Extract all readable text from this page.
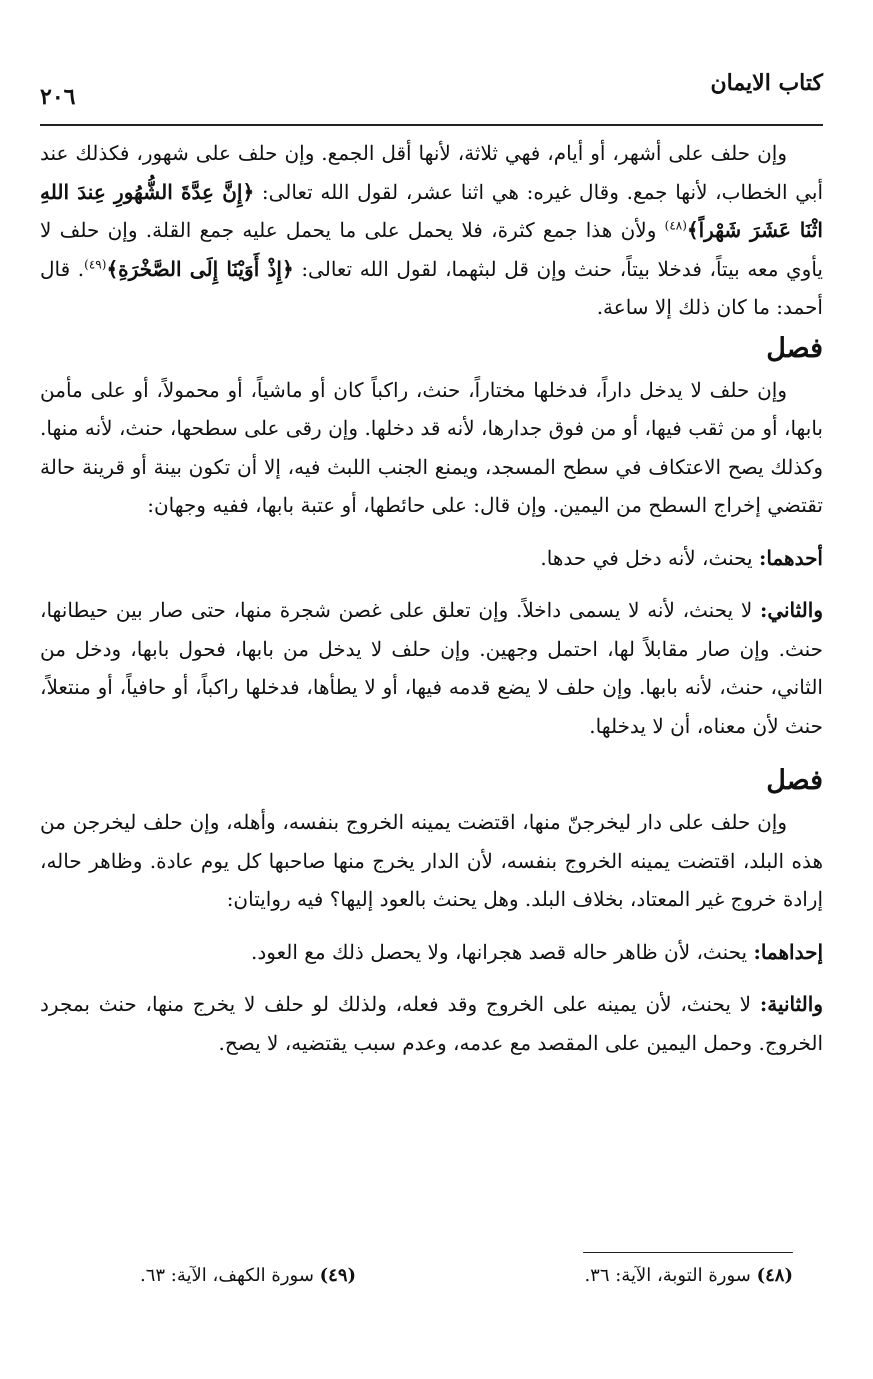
كتاب الايمان
٢٠٦

وإن حلف على أشهر، أو أيام، فهي ثلاثة، لأنها أقل الجمع. وإن حلف على شهور، فكذلك عند أبي الخطاب، لأنها جمع. وقال غيره: هي اثنا عشر، لقول الله تعالى: ﴿إِنَّ عِدَّةَ الشُّهُورِ عِندَ اللهِ اثْنَا عَشَرَ شَهْراً﴾$^{(٤٨)}$ ولأن هذا جمع كثرة، فلا يحمل على ما يحمل عليه جمع القلة. وإن حلف لا يأوي معه بيتاً، فدخلا بيتاً، حنث وإن قل لبثهما، لقول الله تعالى: ﴿إِذْ أَوَيْنَا إِلَى الصَّخْرَةِ﴾$^{(٤٩)}$. قال أحمد: ما كان ذلك إلا ساعة.

فصل

وإن حلف لا يدخل داراً، فدخلها مختاراً، حنث، راكباً كان أو ماشياً، أو محمولاً، أو على مأمن بابها، أو من ثقب فيها، أو من فوق جدارها، لأنه قد دخلها. وإن رقى على سطحها، حنث، لأنه منها. وكذلك يصح الاعتكاف في سطح المسجد، ويمنع الجنب اللبث فيه، إلا أن تكون بينة أو قرينة حالة تقتضي إخراج السطح من اليمين. وإن قال: على حائطها، أو عتبة بابها، ففيه وجهان:

أحدهما: يحنث، لأنه دخل في حدها.

والثاني: لا يحنث، لأنه لا يسمى داخلاً. وإن تعلق على غصن شجرة منها، حتى صار بين حيطانها، حنث. وإن صار مقابلاً لها، احتمل وجهين. وإن حلف لا يدخل من بابها، فحول بابها، ودخل من الثاني، حنث، لأنه بابها. وإن حلف لا يضع قدمه فيها، أو لا يطأها، فدخلها راكباً، أو حافياً، أو منتعلاً، حنث لأن معناه، أن لا يدخلها.

فصل

وإن حلف على دار ليخرجنّ منها، اقتضت يمينه الخروج بنفسه، وأهله، وإن حلف ليخرجن من هذه البلد، اقتضت يمينه الخروج بنفسه، لأن الدار يخرج منها صاحبها كل يوم عادة. وظاهر حاله، إرادة خروج غير المعتاد، بخلاف البلد. وهل يحنث بالعود إليها؟ فيه روايتان:

إحداهما: يحنث، لأن ظاهر حاله قصد هجرانها، ولا يحصل ذلك مع العود.

والثانية: لا يحنث، لأن يمينه على الخروج وقد فعله، ولذلك لو حلف لا يخرج منها، حنث بمجرد الخروج. وحمل اليمين على المقصد مع عدمه، وعدم سبب يقتضيه، لا يصح.

(٤٨) سورة التوبة، الآية: ٣٦.
(٤٩) سورة الكهف، الآية: ٦٣.
